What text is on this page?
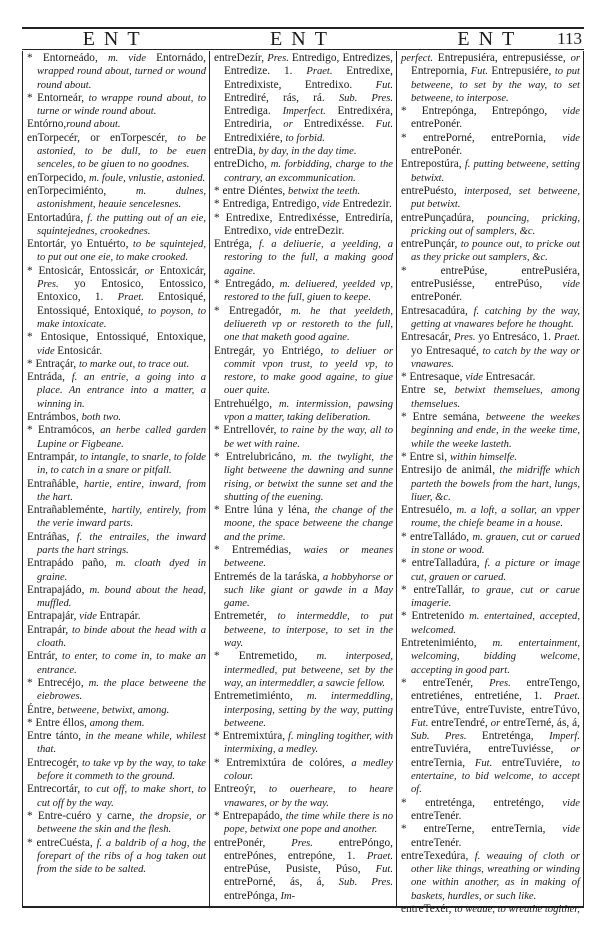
ENT	ENT	ENT	113

* Entorneádo, m. vide Entornádo, wrapped round about, turned or wound round about.

* Entorneár, to wrappe round about, to turne or winde round about.

Entórno,round about.

enTorpecér, or enTorpescér, to be astonied, to be dull, to be euen senceles, to be giuen to no goodnes.

enTorpecido, m. foule, vnlustie, astonied.

enTorpecimiénto, m. dulnes, astonishment, heauie sencelesnes.

Entortadúra, f. the putting out of an eie, squintejednes, crookednes.

Entortár, yo Entuérto, to be squintejed, to put out one eie, to make crooked.

* Entosicár, Entossicár, or Entoxicár, Pres. yo Entosico, Entossico, Entoxico, 1. Praet. Entosiqué, Entossiqué, Entoxiqué, to poyson, to make intoxicate.

* Entosique, Entossiqué, Entoxique, vide Entosicár.

* Entraçár, to marke out, to trace out.

Entráda, f. an entrie, a going into a place. An entrance into a matter, a winning in.

Entrámbos, both two.

* Entramócos, an herbe called garden Lupine or Figbeane.

Entrampár, to intangle, to snarle, to folde in, to catch in a snare or pitfall.

Entrañáble, hartie, entire, inward, from the hart.

Entrañableménte, hartily, entirely, from the verie inward parts.

Entráñas, f. the entrailes, the inward parts the hart strings.

Entrapádo paño, m. cloath dyed in graine.

Entrapajádo, m. bound about the head, muffled.

Entrapajár, vide Entrapár.

Entrapár, to binde about the head with a cloath.

Entrár, to enter, to come in, to make an entrance.

* Entrecéjo, m. the place betweene the eiebrowes.

Éntre, betweene, betwixt, among.

* Entre éllos, among them.

Entre tánto, in the meane while, whilest that.

Entrecogér, to take vp by the way, to take before it commeth to the ground.

Entrecortár, to cut off, to make short, to cut off by the way.

* Entre-cuéro y carne, the dropsie, or betweene the skin and the flesh.

* entreCuésta, f. a baldrib of a hog, the forepart of the ribs of a hog taken out from the side to be salted.

entreDezír, Pres. Entredigo, Entredizes, Entredize. 1. Praet. Entredixe, Entredixiste, Entredixo. Fut. Entrediré, rás, rá. Sub. Pres. Entrediga. Imperfect. Entredixéra, Entrediria, or Entredixésse. Fut. Entredixiére, to forbid.

entreDia, by day, in the day time.

entreDicho, m. forbidding, charge to the contrary, an excommunication.

* entre Diéntes, betwixt the teeth.

* Entrediga, Entredigo, vide Entredezir.

* Entredixe, Entredixésse, Entrediría, Entredixo, vide entreDezir.

Entréga, f. a deliuerie, a yeelding, a restoring to the full, a making good againe.

* Entregádo, m. deliuered, yeelded vp, restored to the full, giuen to keepe.

* Entregadór, m. he that yeeldeth, deliuereth vp or restoreth to the full, one that maketh good againe.

Entregár, yo Entriégo, to deliuer or commit vpon trust, to yeeld vp, to restore, to make good againe, to giue ouer quite.

Entrehuélgo, m. intermission, pawsing vpon a matter, taking deliberation.

* Entrellovér, to raine by the way, all to be wet with raine.

* Entrelubricáno, m. the twylight, the light betweene the dawning and sunne rising, or betwixt the sunne set and the shutting of the euening.

* Entre lúna y léna, the change of the moone, the space betweene the change and the prime.

* Entremédias, waies or meanes betweene.

Entremés de la taráska, a hobbyhorse or such like giant or gawde in a May game.

Entremetér, to intermeddle, to put betweene, to interpose, to set in the way.

* Entremetido, m. interposed, intermedled, put betweene, set by the way, an intermeddler, a sawcie fellow.

Entremetimiénto, m. intermeddling, interposing, setting by the way, putting betweene.

* Entremixtúra, f. mingling togither, with intermixing, a medley.

* Entremixtúra de colóres, a medley colour.

Entreoýr, to ouerheare, to heare vnawares, or by the way.

* Entrepapádo, the time while there is no pope, betwixt one pope and another.

entrePonér, Pres. entrePóngo, entrePónes, entrepóne, 1. Praet. entrePúse, Pusiste, Púso, Fut. entrePorné, ás, á, Sub. Pres. entrePónga, Im-

perfect. Entrepusiéra, entrepusiésse, or Entrepornia, Fut. Entrepusiére, to put betweene, to set by the way, to set betweene, to interpose.

* Entrepónga, Entrepóngo, vide entrePonér.

* entrePorné, entrePornia, vide entrePonér.

Entrepostúra, f. putting betweene, setting betwixt.

entrePuésto, interposed, set betweene, put betwixt.

entrePunçadúra, pouncing, pricking, pricking out of samplers, &c.

entrePunçár, to pounce out, to pricke out as they pricke out samplers, &c.

* entrePúse, entrePusiéra, entrePusiésse, entrePúso, vide entrePonér.

Entresacadúra, f. catching by the way, getting at vnawares before he thought.

Entresacár, Pres. yo Entresáco, 1. Praet. yo Entresaqué, to catch by the way or vnawares.

* Entresaque, vide Entresacár.

Entre se, betwixt themselues, among themselues.

* Entre semána, betweene the weekes beginning and ende, in the weeke time, while the weeke lasteth.

* Entre si, within himselfe.

Entresijo de animál, the midriffe which parteth the bowels from the hart, lungs, liuer, &c.

Entresuélo, m. a loft, a sollar, an vpper roume, the chiefe beame in a house.

* entreTalládo, m. grauen, cut or carued in stone or wood.

* entreTalladúra, f. a picture or image cut, grauen or carued.

* entreTallár, to graue, cut or carue imagerie.

* Entretenido m. entertained, accepted, welcomed.

Entretenimiénto, m. entertainment, welcoming, bidding welcome, accepting in good part.

* entreTenér, Pres. entreTengo, entretiénes, entretiéne, 1. Praet. entreTúve, entreTuviste, entreTúvo, Fut. entreTendré, or entreTerné, ás, á, Sub. Pres. Entreténga, Imperf. entreTuviéra, entreTuviésse, or entreTernia, Fut. entreTuviére, to entertaine, to bid welcome, to accept of.

* entreténga, entreténgo, vide entreTenér.

* entreTerne, entreTernia, vide entreTenér.

entreTexedúra, f. weauing of cloth or other like things, wreathing or winding one within another, as in making of baskets, hurdles, or such like.

entreTexér, to weaue, to wreathe togither,
